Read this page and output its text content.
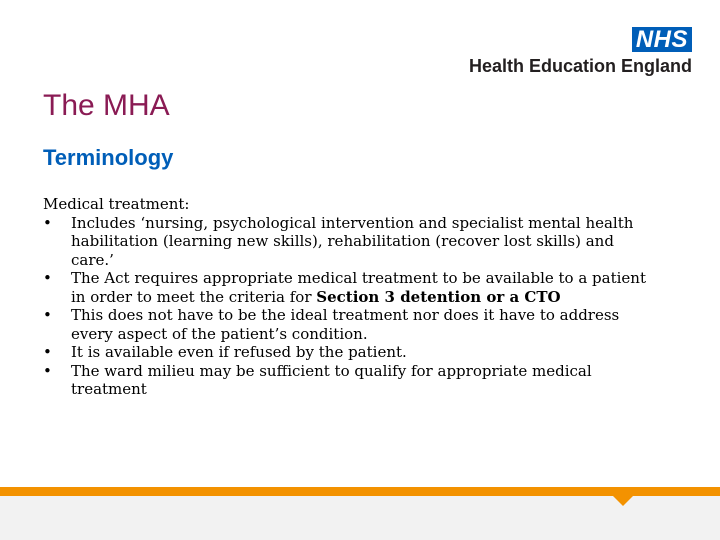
NHS
Health Education England
The MHA
Terminology

Medical treatment:

•	Includes ‘nursing, psychological intervention and specialist mental health habilitation (learning new skills), rehabilitation (recover lost skills) and care.’
•	The Act requires appropriate medical treatment to be available to a patient in order to meet the criteria for Section 3 detention or a CTO
•	This does not have to be the ideal treatment nor does it have to address every aspect of the patient’s condition.
•	It is available even if refused by the patient.
•	The ward milieu may be sufficient to qualify for appropriate medical treatment
